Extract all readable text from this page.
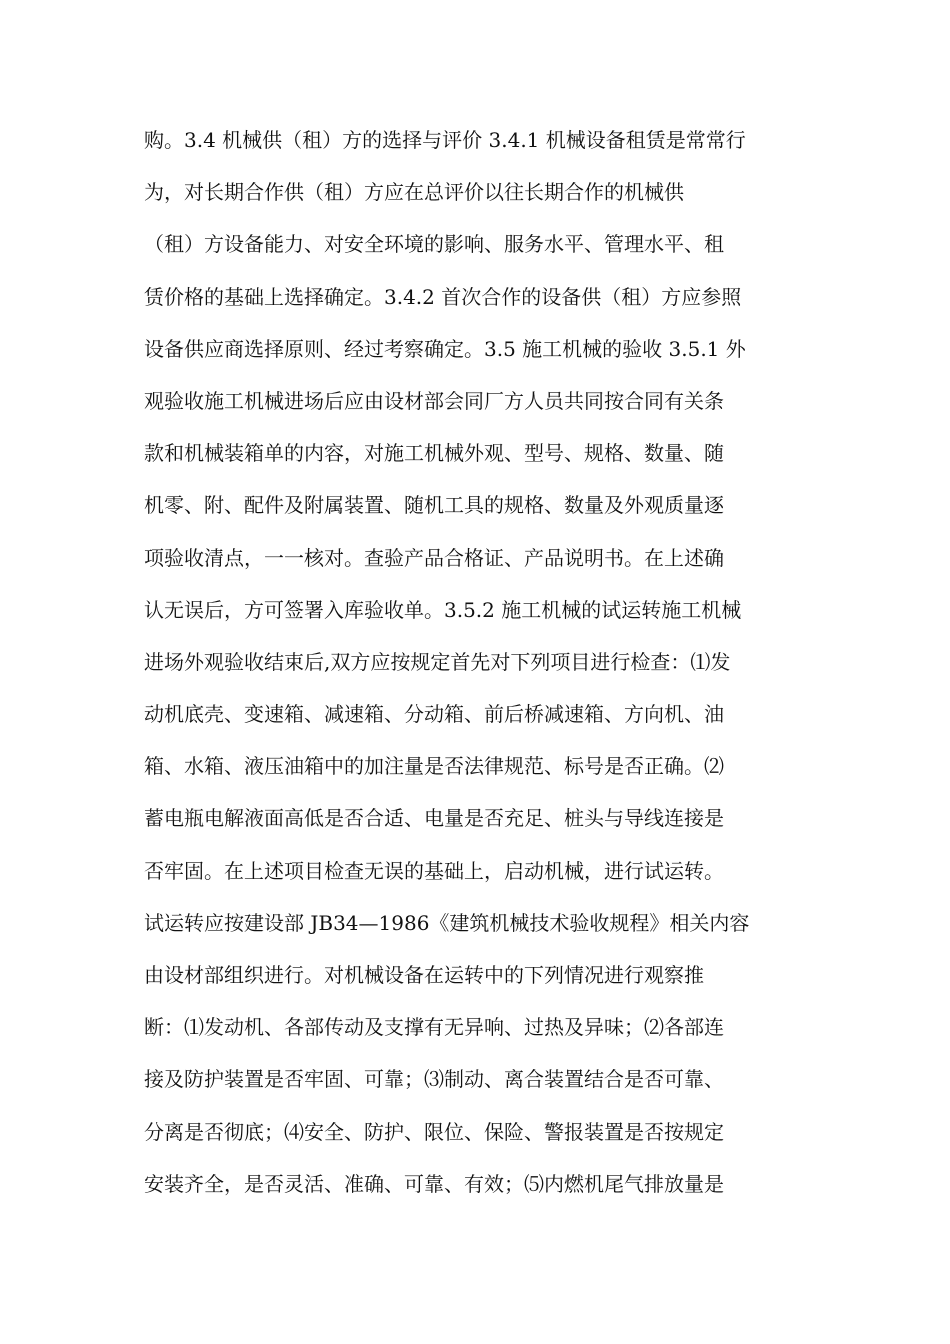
购。3.4 机械供（租）方的选择与评价 3.4.1 机械设备租赁是常常行
为，对长期合作供（租）方应在总评价以往长期合作的机械供
（租）方设备能力、对安全环境的影响、服务水平、管理水平、租
赁价格的基础上选择确定。3.4.2 首次合作的设备供（租）方应参照
设备供应商选择原则、经过考察确定。3.5 施工机械的验收 3.5.1 外
观验收施工机械进场后应由设材部会同厂方人员共同按合同有关条
款和机械装箱单的内容，对施工机械外观、型号、规格、数量、随
机零、附、配件及附属装置、随机工具的规格、数量及外观质量逐
项验收清点，一一核对。查验产品合格证、产品说明书。在上述确
认无误后，方可签署入库验收单。3.5.2 施工机械的试运转施工机械
进场外观验收结束后,双方应按规定首先对下列项目进行检查：⑴发
动机底壳、变速箱、减速箱、分动箱、前后桥减速箱、方向机、油
箱、水箱、液压油箱中的加注量是否法律规范、标号是否正确。⑵
蓄电瓶电解液面高低是否合适、电量是否充足、桩头与导线连接是
否牢固。在上述项目检查无误的基础上，启动机械，进行试运转。
试运转应按建设部 JB34—1986《建筑机械技术验收规程》相关内容
由设材部组织进行。对机械设备在运转中的下列情况进行观察推
断：⑴发动机、各部传动及支撑有无异响、过热及异味；⑵各部连
接及防护装置是否牢固、可靠；⑶制动、离合装置结合是否可靠、
分离是否彻底；⑷安全、防护、限位、保险、警报装置是否按规定
安装齐全，是否灵活、准确、可靠、有效；⑸内燃机尾气排放量是
